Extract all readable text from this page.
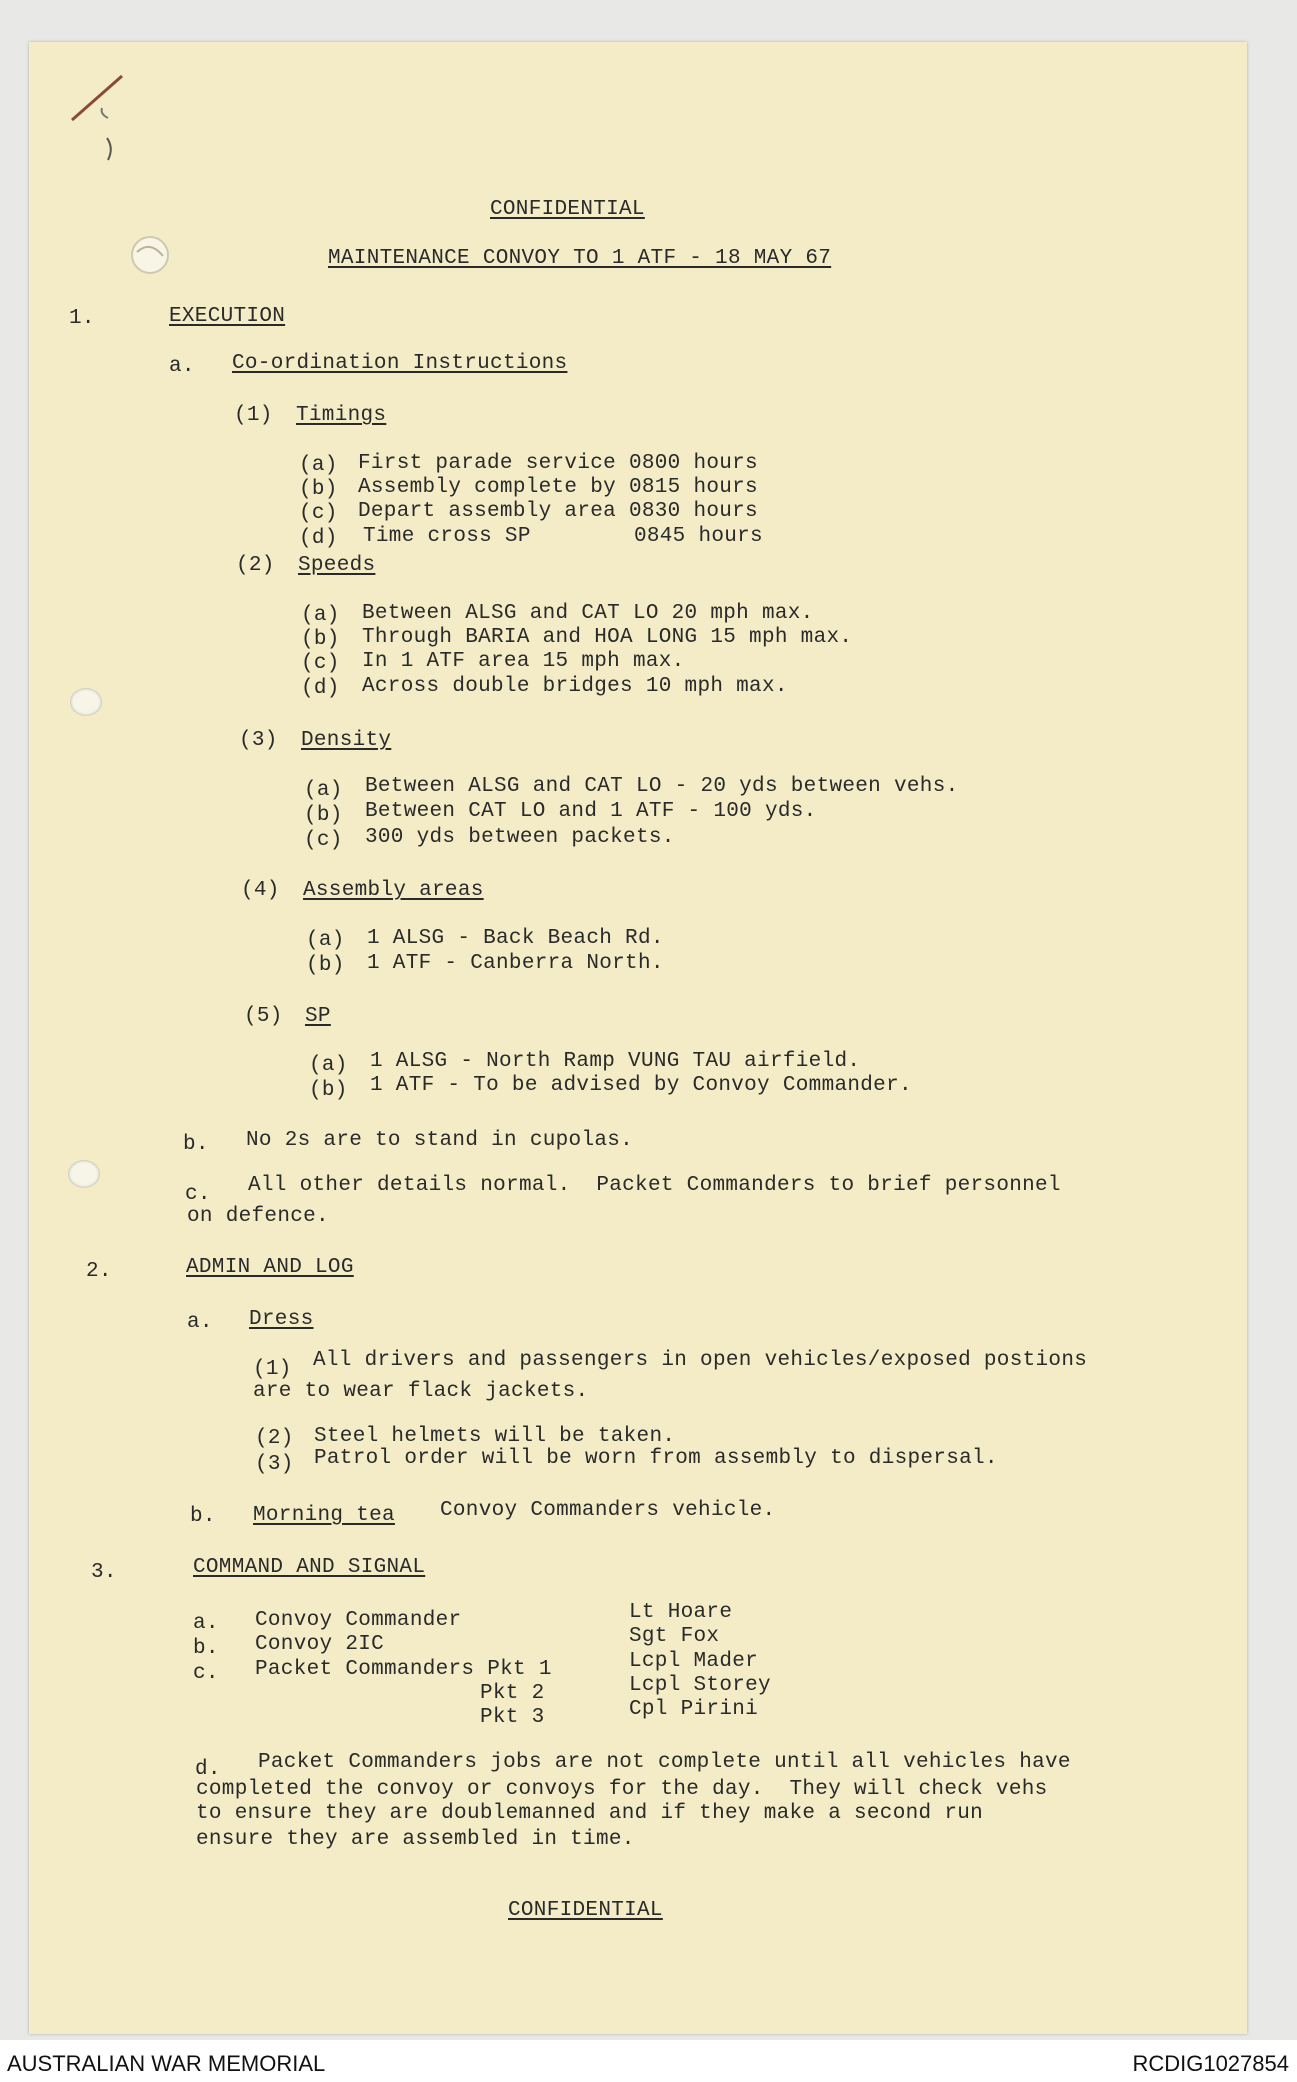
CONFIDENTIAL
MAINTENANCE CONVOY TO 1 ATF - 18 MAY 67
1.	EXECUTION
a. Co-ordination Instructions
(1) Timings
(a) First parade service 0800 hours
(b) Assembly complete by 0815 hours
(c) Depart assembly area 0830 hours
(d) Time cross SP        0845 hours
(2) Speeds
(a) Between ALSG and CAT LO 20 mph max.
(b) Through BARIA and HOA LONG 15 mph max.
(c) In 1 ATF area 15 mph max.
(d) Across double bridges 10 mph max.
(3) Density
(a) Between ALSG and CAT LO - 20 yds between vehs.
(b) Between CAT LO and 1 ATF - 100 yds.
(c) 300 yds between packets.
(4) Assembly areas
(a) 1 ALSG - Back Beach Rd.
(b) 1 ATF - Canberra North.
(5) SP
(a) 1 ALSG - North Ramp VUNG TAU airfield.
(b) 1 ATF - To be advised by Convoy Commander.
b. No 2s are to stand in cupolas.
c. All other details normal.  Packet Commanders to brief personnel
on defence.
2.	ADMIN AND LOG
a. Dress
(1) All drivers and passengers in open vehicles/exposed postions
are to wear flack jackets.
(2) Steel helmets will be taken.
(3) Patrol order will be worn from assembly to dispersal.
b. Morning tea Convoy Commanders vehicle.
3.	COMMAND AND SIGNAL
a. Convoy Commander	Lt Hoare
b. Convoy 2IC	Sgt Fox
c. Packet Commanders Pkt 1	Lcpl Mader
Pkt 2	Lcpl Storey
Pkt 3	Cpl Pirini
d. Packet Commanders jobs are not complete until all vehicles have
completed the convoy or convoys for the day.  They will check vehs
to ensure they are doublemanned and if they make a second run
ensure they are assembled in time.
CONFIDENTIAL
AUSTRALIAN WAR MEMORIAL	RCDIG1027854
